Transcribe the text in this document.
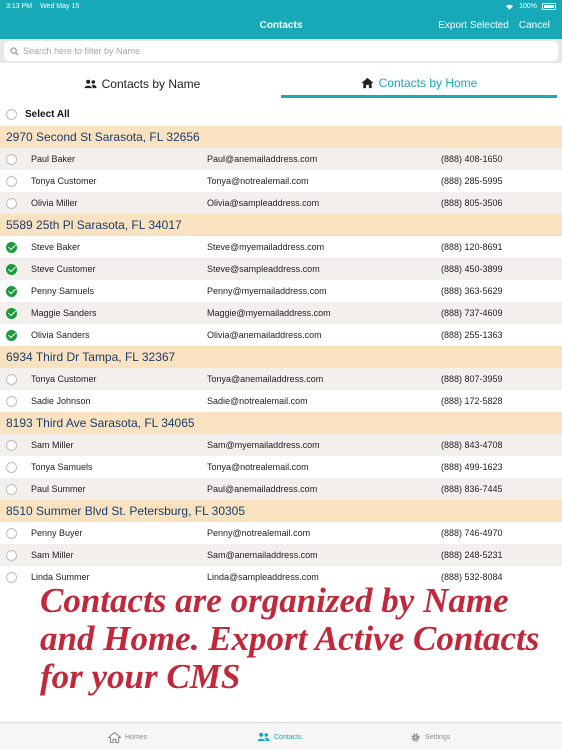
3:13 PM Wed May 15	100%
Contacts	Export Selected Cancel
Search here to filter by Name
Contacts by Name	Contacts by Home
Select All
2970 Second St Sarasota, FL 32656
Paul Baker	Paul@anemailaddress.com	(888) 408-1650
Tonya Customer	Tonya@notrealemail.com	(888) 285-5995
Olivia Miller	Olivia@sampleaddress.com	(888) 805-3506
5589 25th Pl Sarasota, FL 34017
Steve Baker	Steve@myemailaddress.com	(888) 120-8691
Steve Customer	Steve@sampleaddress.com	(888) 450-3899
Penny Samuels	Penny@myemailaddress.com	(888) 363-5629
Maggie Sanders	Maggie@myemailaddress.com	(888) 737-4609
Olivia Sanders	Olivia@anemailaddress.com	(888) 255-1363
6934 Third Dr Tampa, FL 32367
Tonya Customer	Tonya@anemailaddress.com	(888) 807-3959
Sadie Johnson	Sadie@notrealemail.com	(888) 172-5828
8193 Third Ave Sarasota, FL 34065
Sam Miller	Sam@myemailaddress.com	(888) 843-4708
Tonya Samuels	Tonya@notrealemail.com	(888) 499-1623
Paul Summer	Paul@anemailaddress.com	(888) 836-7445
8510 Summer Blvd St. Petersburg, FL 30305
Penny Buyer	Penny@notrealemail.com	(888) 746-4970
Sam Miller	Sam@anemailaddress.com	(888) 248-5231
Linda Summer	Linda@sampleaddress.com	(888) 532-8084
Contacts are organized by Name and Home. Export Active Contacts for your CMS
Homes	Contacts	Settings
